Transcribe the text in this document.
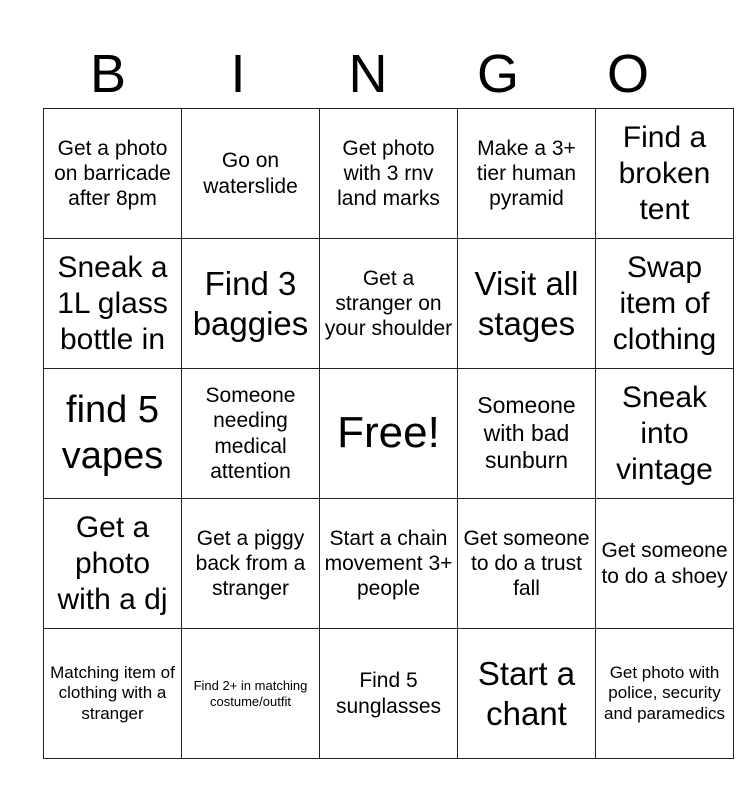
B	I	N	G	O
Get a photo on barricade after 8pm	Go on waterslide	Get photo with 3 rnv land marks	Make a 3+ tier human pyramid	Find a broken tent

Sneak a 1L glass bottle in	Find 3 baggies	Get a stranger on your shoulder	Visit all stages	Swap item of clothing

find 5 vapes	Someone needing medical attention	Free!	Someone with bad sunburn	Sneak into vintage

Get a photo with a dj	Get a piggy back from a stranger	Start a chain movement 3+ people	Get someone to do a trust fall	Get someone to do a shoey

Matching item of clothing with a stranger	Find 2+ in matching costume/outfit	Find 5 sunglasses	Start a chant	Get photo with police, security and paramedics
